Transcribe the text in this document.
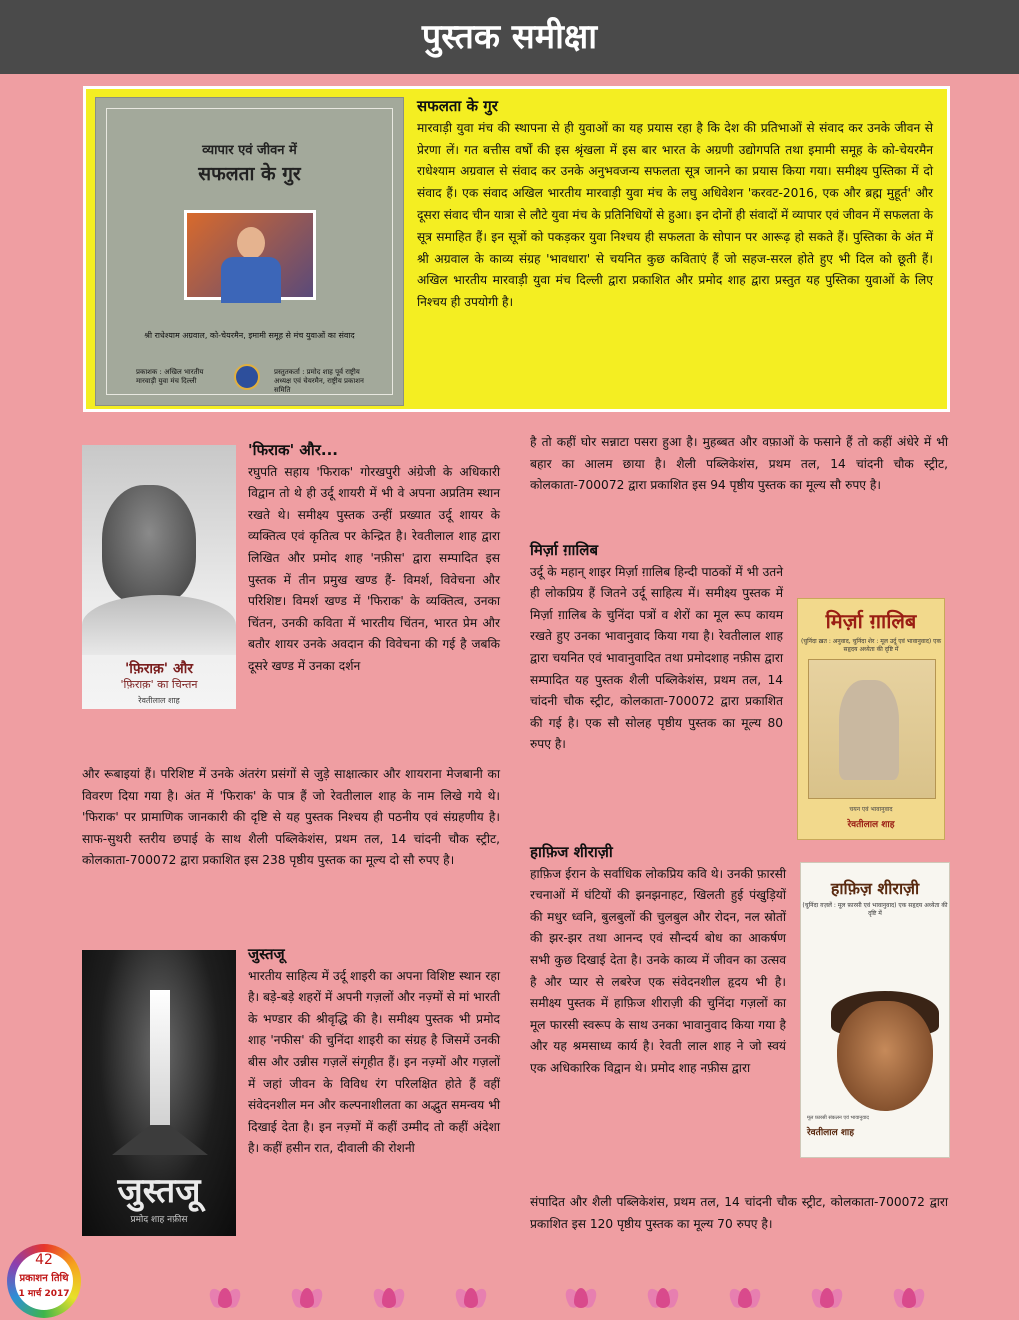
पुस्तक समीक्षा
व्यापार एवं जीवन में
सफलता के गुर
श्री राधेश्याम अग्रवाल, को-चेयरमैन, इमामी समूह से मंच युवाओं का संवाद
प्रकाशक : अखिल भारतीय मारवाड़ी युवा मंच दिल्ली
प्रस्तुतकर्ता : प्रमोद शाह पूर्व राष्ट्रीय अध्यक्ष एवं चेयरमैन, राष्ट्रीय प्रकाशन समिति
सफलता के गुर
मारवाड़ी युवा मंच की स्थापना से ही युवाओं का यह प्रयास रहा है कि देश की प्रतिभाओं से संवाद कर उनके जीवन से प्रेरणा लें। गत बत्तीस वर्षों की इस श्रृंखला में इस बार भारत के अग्रणी उद्योगपति तथा इमामी समूह के को-चेयरमैन राधेश्याम अग्रवाल से संवाद कर उनके अनुभवजन्य सफलता सूत्र जानने का प्रयास किया गया। समीक्ष्य पुस्तिका में दो संवाद हैं। एक संवाद अखिल भारतीय मारवाड़ी युवा मंच के लघु अधिवेशन 'करवट-2016, एक और ब्रह्म मुहूर्त' और दूसरा संवाद चीन यात्रा से लौटे युवा मंच के प्रतिनिधियों से हुआ। इन दोनों ही संवादों में व्यापार एवं जीवन में सफलता के सूत्र समाहित हैं। इन सूत्रों को पकड़कर युवा निश्चय ही सफलता के सोपान पर आरूढ़ हो सकते हैं। पुस्तिका के अंत में श्री अग्रवाल के काव्य संग्रह 'भावधारा' से चयनित कुछ कविताएं हैं जो सहज-सरल होते हुए भी दिल को छूती हैं। अखिल भारतीय मारवाड़ी युवा मंच दिल्ली द्वारा प्रकाशित और प्रमोद शाह द्वारा प्रस्तुत यह पुस्तिका युवाओं के लिए निश्चय ही उपयोगी है।
'फ़िराक़' और
'फ़िराक़' का चिन्तन
रेवतीलाल शाह
'फिराक' और...
रघुपति सहाय 'फिराक' गोरखपुरी अंग्रेजी के अधिकारी विद्वान तो थे ही उर्दू शायरी में भी वे अपना अप्रतिम स्थान रखते थे। समीक्ष्य पुस्तक उन्हीं प्रख्यात उर्दू शायर के व्यक्तित्व एवं कृतित्व पर केन्द्रित है। रेवतीलाल शाह द्वारा लिखित और प्रमोद शाह 'नफ़ीस' द्वारा सम्पादित इस पुस्तक में तीन प्रमुख खण्ड हैं- विमर्श, विवेचना और परिशिष्ट। विमर्श खण्ड में 'फिराक' के व्यक्तित्व, उनका चिंतन, उनकी कविता में भारतीय चिंतन, भारत प्रेम और बतौर शायर उनके अवदान की विवेचना की गई है जबकि दूसरे खण्ड में उनका दर्शन
और रूबाइयां हैं। परिशिष्ट में उनके अंतरंग प्रसंगों से जुड़े साक्षात्कार और शायराना मेजबानी का विवरण दिया गया है। अंत में 'फिराक' के पात्र हैं जो रेवतीलाल शाह के नाम लिखे गये थे। 'फिराक' पर प्रामाणिक जानकारी की दृष्टि से यह पुस्तक निश्चय ही पठनीय एवं संग्रहणीय है। साफ-सुथरी स्तरीय छपाई के साथ शैली पब्लिकेशंस, प्रथम तल, 14 चांदनी चौक स्ट्रीट, कोलकाता-700072 द्वारा प्रकाशित इस 238 पृष्ठीय पुस्तक का मूल्य दो सौ रुपए है।
जुस्तजू
प्रमोद शाह नफ़ीस
जुस्तजू
भारतीय साहित्य में उर्दू शाइरी का अपना विशिष्ट स्थान रहा है। बड़े-बड़े शहरों में अपनी गज़लों और नज़्मों से मां भारती के भण्डार की श्रीवृद्धि की है। समीक्ष्य पुस्तक भी प्रमोद शाह 'नफीस' की चुनिंदा शाइरी का संग्रह है जिसमें उनकी बीस और उन्नीस गज़लें संगृहीत हैं। इन नज़्मों और गज़लों में जहां जीवन के विविध रंग परिलक्षित होते हैं वहीं संवेदनशील मन और कल्पनाशीलता का अद्भुत समन्वय भी दिखाई देता है। इन नज़्मों में कहीं उम्मीद तो कहीं अंदेशा है। कहीं हसीन रात, दीवाली की रोशनी
है तो कहीं घोर सन्नाटा पसरा हुआ है। मुहब्बत और वफ़ाओं के फसाने हैं तो कहीं अंधेरे में भी बहार का आलम छाया है। शैली पब्लिकेशंस, प्रथम तल, 14 चांदनी चौक स्ट्रीट, कोलकाता-700072 द्वारा प्रकाशित इस 94 पृष्ठीय पुस्तक का मूल्य सौ रुपए है।
मिर्ज़ा ग़ालिब
(चुनिंदा ख़त : अनुवाद, चुनिंदा शेर : मूल उर्दू एवं भावानुवाद) एक सहृदय अध्येता की दृष्टि में
चयन एवं भावानुवाद
रेवतीलाल शाह
मिर्ज़ा ग़ालिब
उर्दू के महान् शाइर मिर्ज़ा ग़ालिब हिन्दी पाठकों में भी उतने ही लोकप्रिय हैं जितने उर्दू साहित्य में। समीक्ष्य पुस्तक में मिर्ज़ा ग़ालिब के चुनिंदा पत्रों व शेरों का मूल रूप कायम रखते हुए उनका भावानुवाद किया गया है। रेवतीलाल शाह द्वारा चयनित एवं भावानुवादित तथा प्रमोदशाह नफ़ीस द्वारा सम्पादित यह पुस्तक शैली पब्लिकेशंस, प्रथम तल, 14 चांदनी चौक स्ट्रीट, कोलकाता-700072 द्वारा प्रकाशित की गई है। एक सौ सोलह पृष्ठीय पुस्तक का मूल्य 80 रुपए है।
हाफ़िज़ शीराज़ी
(चुनिंदा ग़ज़लें : मूल फ़ारसी एवं भावानुवाद) एक सहृदय अध्येता की दृष्टि में
मूल फ़ारसी संकलन एवं भावानुवाद
रेवतीलाल शाह
हाफ़िज शीराज़ी
हाफ़िज ईरान के सर्वाधिक लोकप्रिय कवि थे। उनकी फ़ारसी रचनाओं में घंटियों की झनझनाहट, खिलती हुई पंखुड़ियों की मधुर ध्वनि, बुलबुलों की चुलबुल और रोदन, नल स्रोतों की झर-झर तथा आनन्द एवं सौन्दर्य बोध का आकर्षण सभी कुछ दिखाई देता है। उनके काव्य में जीवन का उत्सव है और प्यार से लबरेज एक संवेदनशील हृदय भी है। समीक्ष्य पुस्तक में हाफ़िज शीराज़ी की चुनिंदा गज़लों का मूल फारसी स्वरूप के साथ उनका भावानुवाद किया गया है और यह श्रमसाध्य कार्य है। रेवती लाल शाह ने जो स्वयं एक अधिकारिक विद्वान थे। प्रमोद शाह नफ़ीस द्वारा
संपादित और शैली पब्लिकेशंस, प्रथम तल, 14 चांदनी चौक स्ट्रीट, कोलकाता-700072 द्वारा प्रकाशित इस 120 पृष्ठीय पुस्तक का मूल्य 70 रुपए है।
42
प्रकाशन तिथि
1 मार्च 2017
